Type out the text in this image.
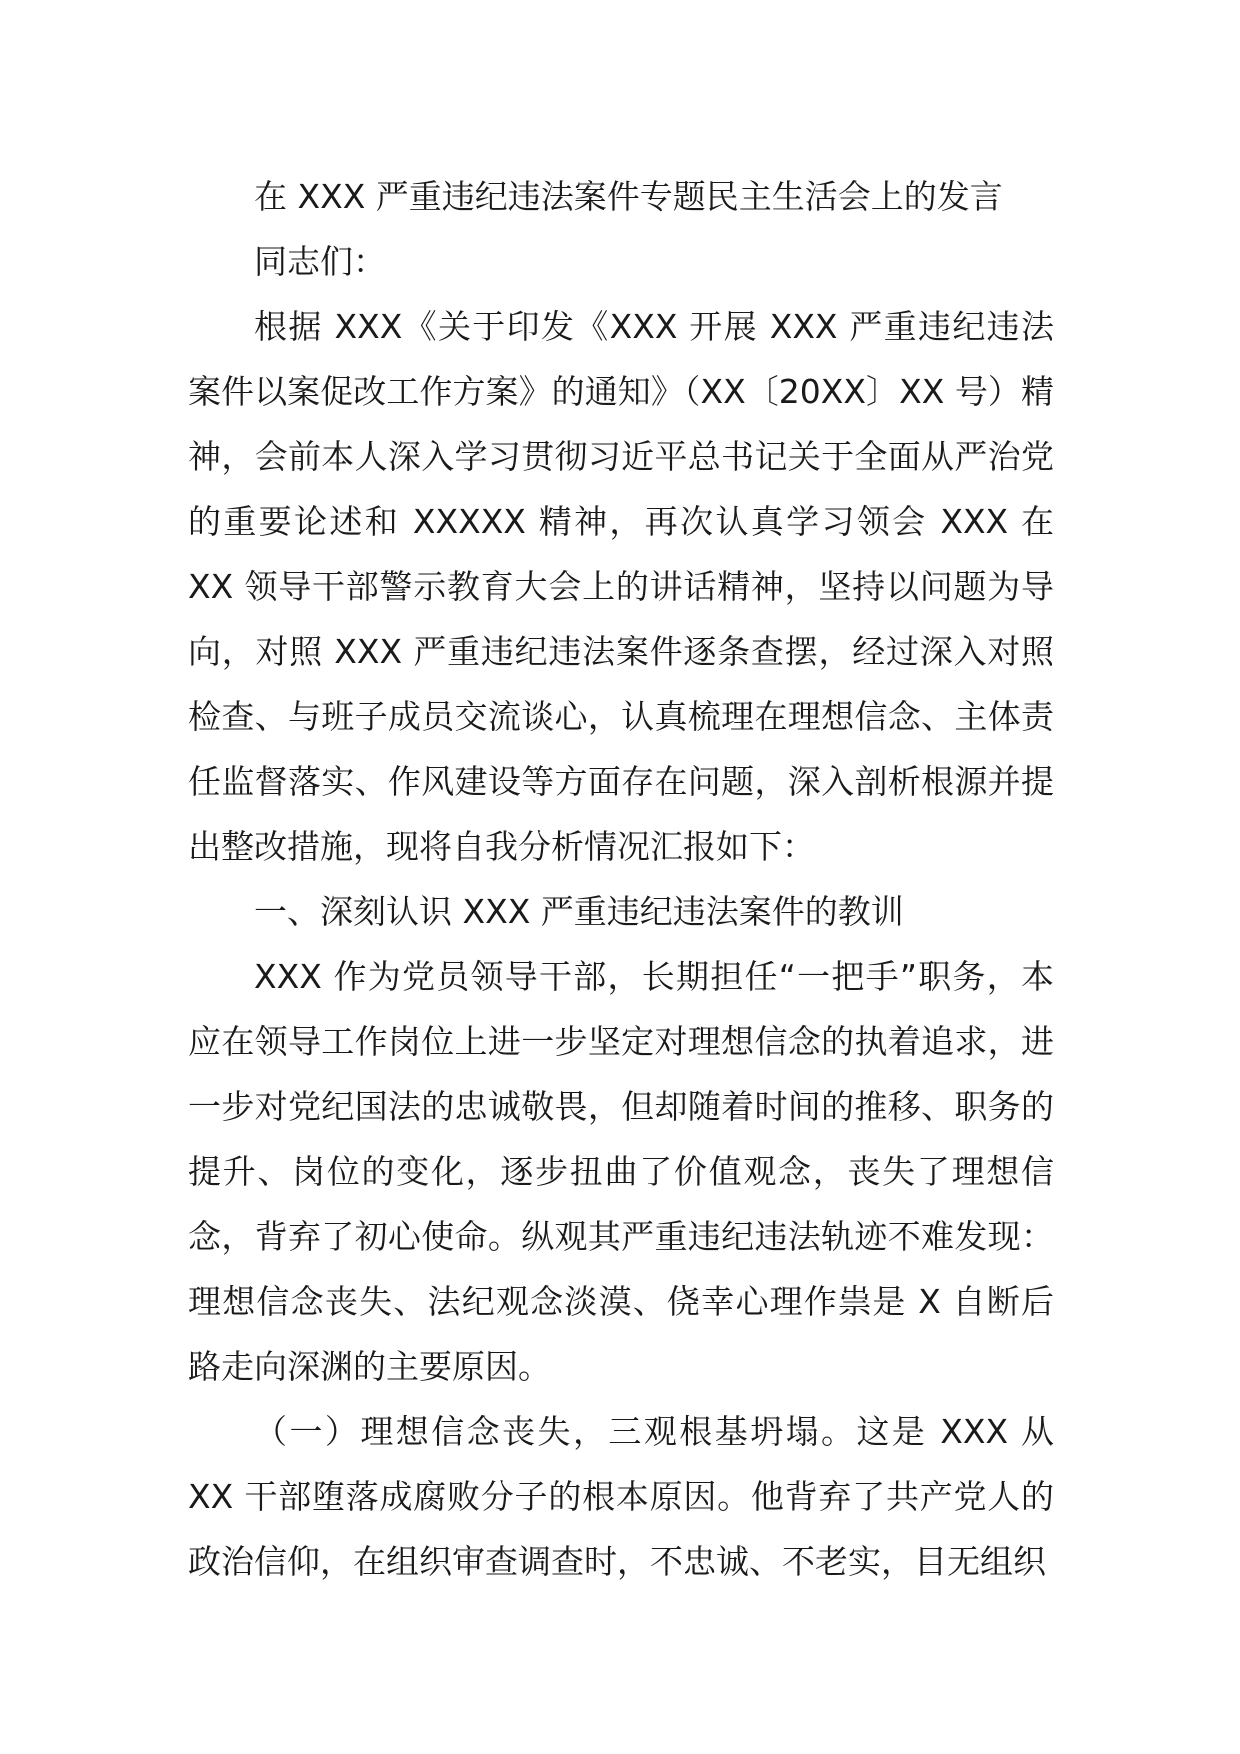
在 XXX 严重违纪违法案件专题民主生活会上的发言

同志们：

根据 XXX《关于印发《XXX 开展 XXX 严重违纪违法案件以案促改工作方案》的通知》（XX〔20XX〕XX 号）精神，会前本人深入学习贯彻习近平总书记关于全面从严治党的重要论述和 XXXXX 精神，再次认真学习领会 XXX 在 XX 领导干部警示教育大会上的讲话精神，坚持以问题为导向，对照 XXX 严重违纪违法案件逐条查摆，经过深入对照检查、与班子成员交流谈心，认真梳理在理想信念、主体责任监督落实、作风建设等方面存在问题，深入剖析根源并提出整改措施，现将自我分析情况汇报如下：

一、深刻认识 XXX 严重违纪违法案件的教训

XXX 作为党员领导干部，长期担任“一把手”职务，本应在领导工作岗位上进一步坚定对理想信念的执着追求，进一步对党纪国法的忠诚敬畏，但却随着时间的推移、职务的提升、岗位的变化，逐步扭曲了价值观念，丧失了理想信念，背弃了初心使命。纵观其严重违纪违法轨迹不难发现：理想信念丧失、法纪观念淡漠、侥幸心理作祟是 X 自断后路走向深渊的主要原因。

（一）理想信念丧失，三观根基坍塌。这是 XXX 从 XX 干部堕落成腐败分子的根本原因。他背弃了共产党人的政治信仰，在组织审查调查时，不忠诚、不老实，目无组织
